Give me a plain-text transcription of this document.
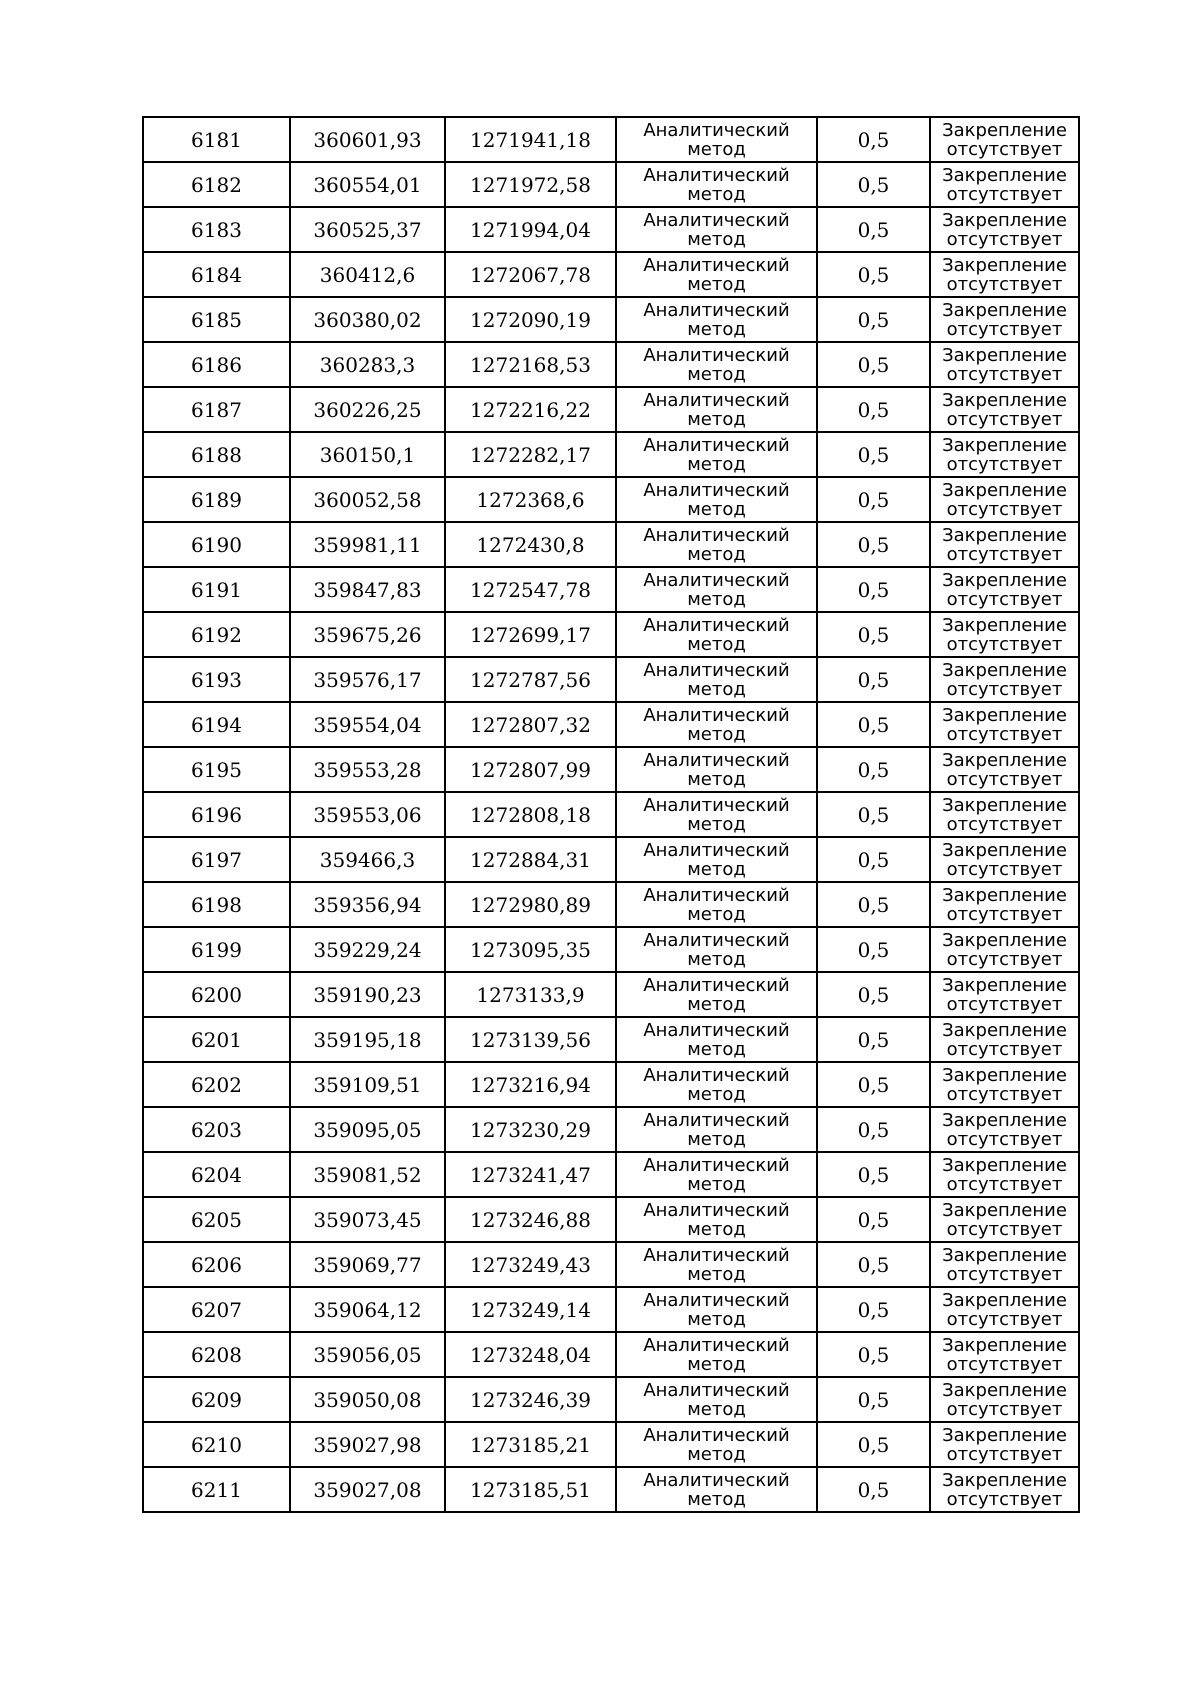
6181	360601,93	1271941,18	Аналитический
метод	0,5	Закрепление
отсутствует

6182	360554,01	1271972,58	Аналитический
метод	0,5	Закрепление
отсутствует

6183	360525,37	1271994,04	Аналитический
метод	0,5	Закрепление
отсутствует

6184	360412,6	1272067,78	Аналитический
метод	0,5	Закрепление
отсутствует

6185	360380,02	1272090,19	Аналитический
метод	0,5	Закрепление
отсутствует

6186	360283,3	1272168,53	Аналитический
метод	0,5	Закрепление
отсутствует

6187	360226,25	1272216,22	Аналитический
метод	0,5	Закрепление
отсутствует

6188	360150,1	1272282,17	Аналитический
метод	0,5	Закрепление
отсутствует

6189	360052,58	1272368,6	Аналитический
метод	0,5	Закрепление
отсутствует

6190	359981,11	1272430,8	Аналитический
метод	0,5	Закрепление
отсутствует

6191	359847,83	1272547,78	Аналитический
метод	0,5	Закрепление
отсутствует

6192	359675,26	1272699,17	Аналитический
метод	0,5	Закрепление
отсутствует

6193	359576,17	1272787,56	Аналитический
метод	0,5	Закрепление
отсутствует

6194	359554,04	1272807,32	Аналитический
метод	0,5	Закрепление
отсутствует

6195	359553,28	1272807,99	Аналитический
метод	0,5	Закрепление
отсутствует

6196	359553,06	1272808,18	Аналитический
метод	0,5	Закрепление
отсутствует

6197	359466,3	1272884,31	Аналитический
метод	0,5	Закрепление
отсутствует

6198	359356,94	1272980,89	Аналитический
метод	0,5	Закрепление
отсутствует

6199	359229,24	1273095,35	Аналитический
метод	0,5	Закрепление
отсутствует

6200	359190,23	1273133,9	Аналитический
метод	0,5	Закрепление
отсутствует

6201	359195,18	1273139,56	Аналитический
метод	0,5	Закрепление
отсутствует

6202	359109,51	1273216,94	Аналитический
метод	0,5	Закрепление
отсутствует

6203	359095,05	1273230,29	Аналитический
метод	0,5	Закрепление
отсутствует

6204	359081,52	1273241,47	Аналитический
метод	0,5	Закрепление
отсутствует

6205	359073,45	1273246,88	Аналитический
метод	0,5	Закрепление
отсутствует

6206	359069,77	1273249,43	Аналитический
метод	0,5	Закрепление
отсутствует

6207	359064,12	1273249,14	Аналитический
метод	0,5	Закрепление
отсутствует

6208	359056,05	1273248,04	Аналитический
метод	0,5	Закрепление
отсутствует

6209	359050,08	1273246,39	Аналитический
метод	0,5	Закрепление
отсутствует

6210	359027,98	1273185,21	Аналитический
метод	0,5	Закрепление
отсутствует

6211	359027,08	1273185,51	Аналитический
метод	0,5	Закрепление
отсутствует
